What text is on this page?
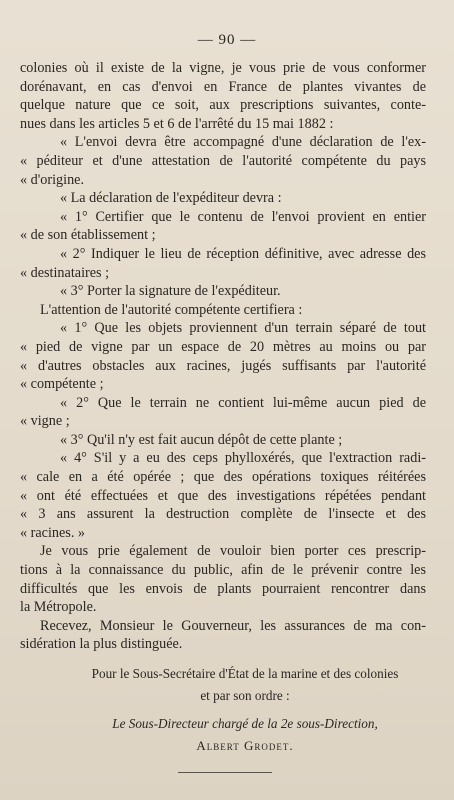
— 90 —
colonies où il existe de la vigne, je vous prie de vous conformer
dorénavant, en cas d'envoi en France de plantes vivantes de
quelque nature que ce soit, aux prescriptions suivantes, conte-
nues dans les articles 5 et 6 de l'arrêté du 15 mai 1882 :
« L'envoi devra être accompagné d'une déclaration de l'ex-
« péditeur et d'une attestation de l'autorité compétente du pays
« d'origine.
« La déclaration de l'expéditeur devra :
« 1° Certifier que le contenu de l'envoi provient en entier
« de son établissement ;
« 2° Indiquer le lieu de réception définitive, avec adresse des
« destinataires ;
« 3° Porter la signature de l'expéditeur.
L'attention de l'autorité compétente certifiera :
« 1° Que les objets proviennent d'un terrain séparé de tout
« pied de vigne par un espace de 20 mètres au moins ou par
« d'autres obstacles aux racines, jugés suffisants par l'autorité
« compétente ;
« 2° Que le terrain ne contient lui-même aucun pied de
« vigne ;
« 3° Qu'il n'y est fait aucun dépôt de cette plante ;
« 4° S'il y a eu des ceps phylloxérés, que l'extraction radi-
« cale en a été opérée ; que des opérations toxiques réitérées
« ont été effectuées et que des investigations répétées pendant
« 3 ans assurent la destruction complète de l'insecte et des
« racines. »
Je vous prie également de vouloir bien porter ces prescrip-
tions à la connaissance du public, afin de le prévenir contre les
difficultés que les envois de plants pourraient rencontrer dans
la Métropole.
Recevez, Monsieur le Gouverneur, les assurances de ma con-
sidération la plus distinguée.
Pour le Sous-Secrétaire d'État de la marine et des colonies
et par son ordre :
Le Sous-Directeur chargé de la 2e sous-Direction,
Albert Grodet.
